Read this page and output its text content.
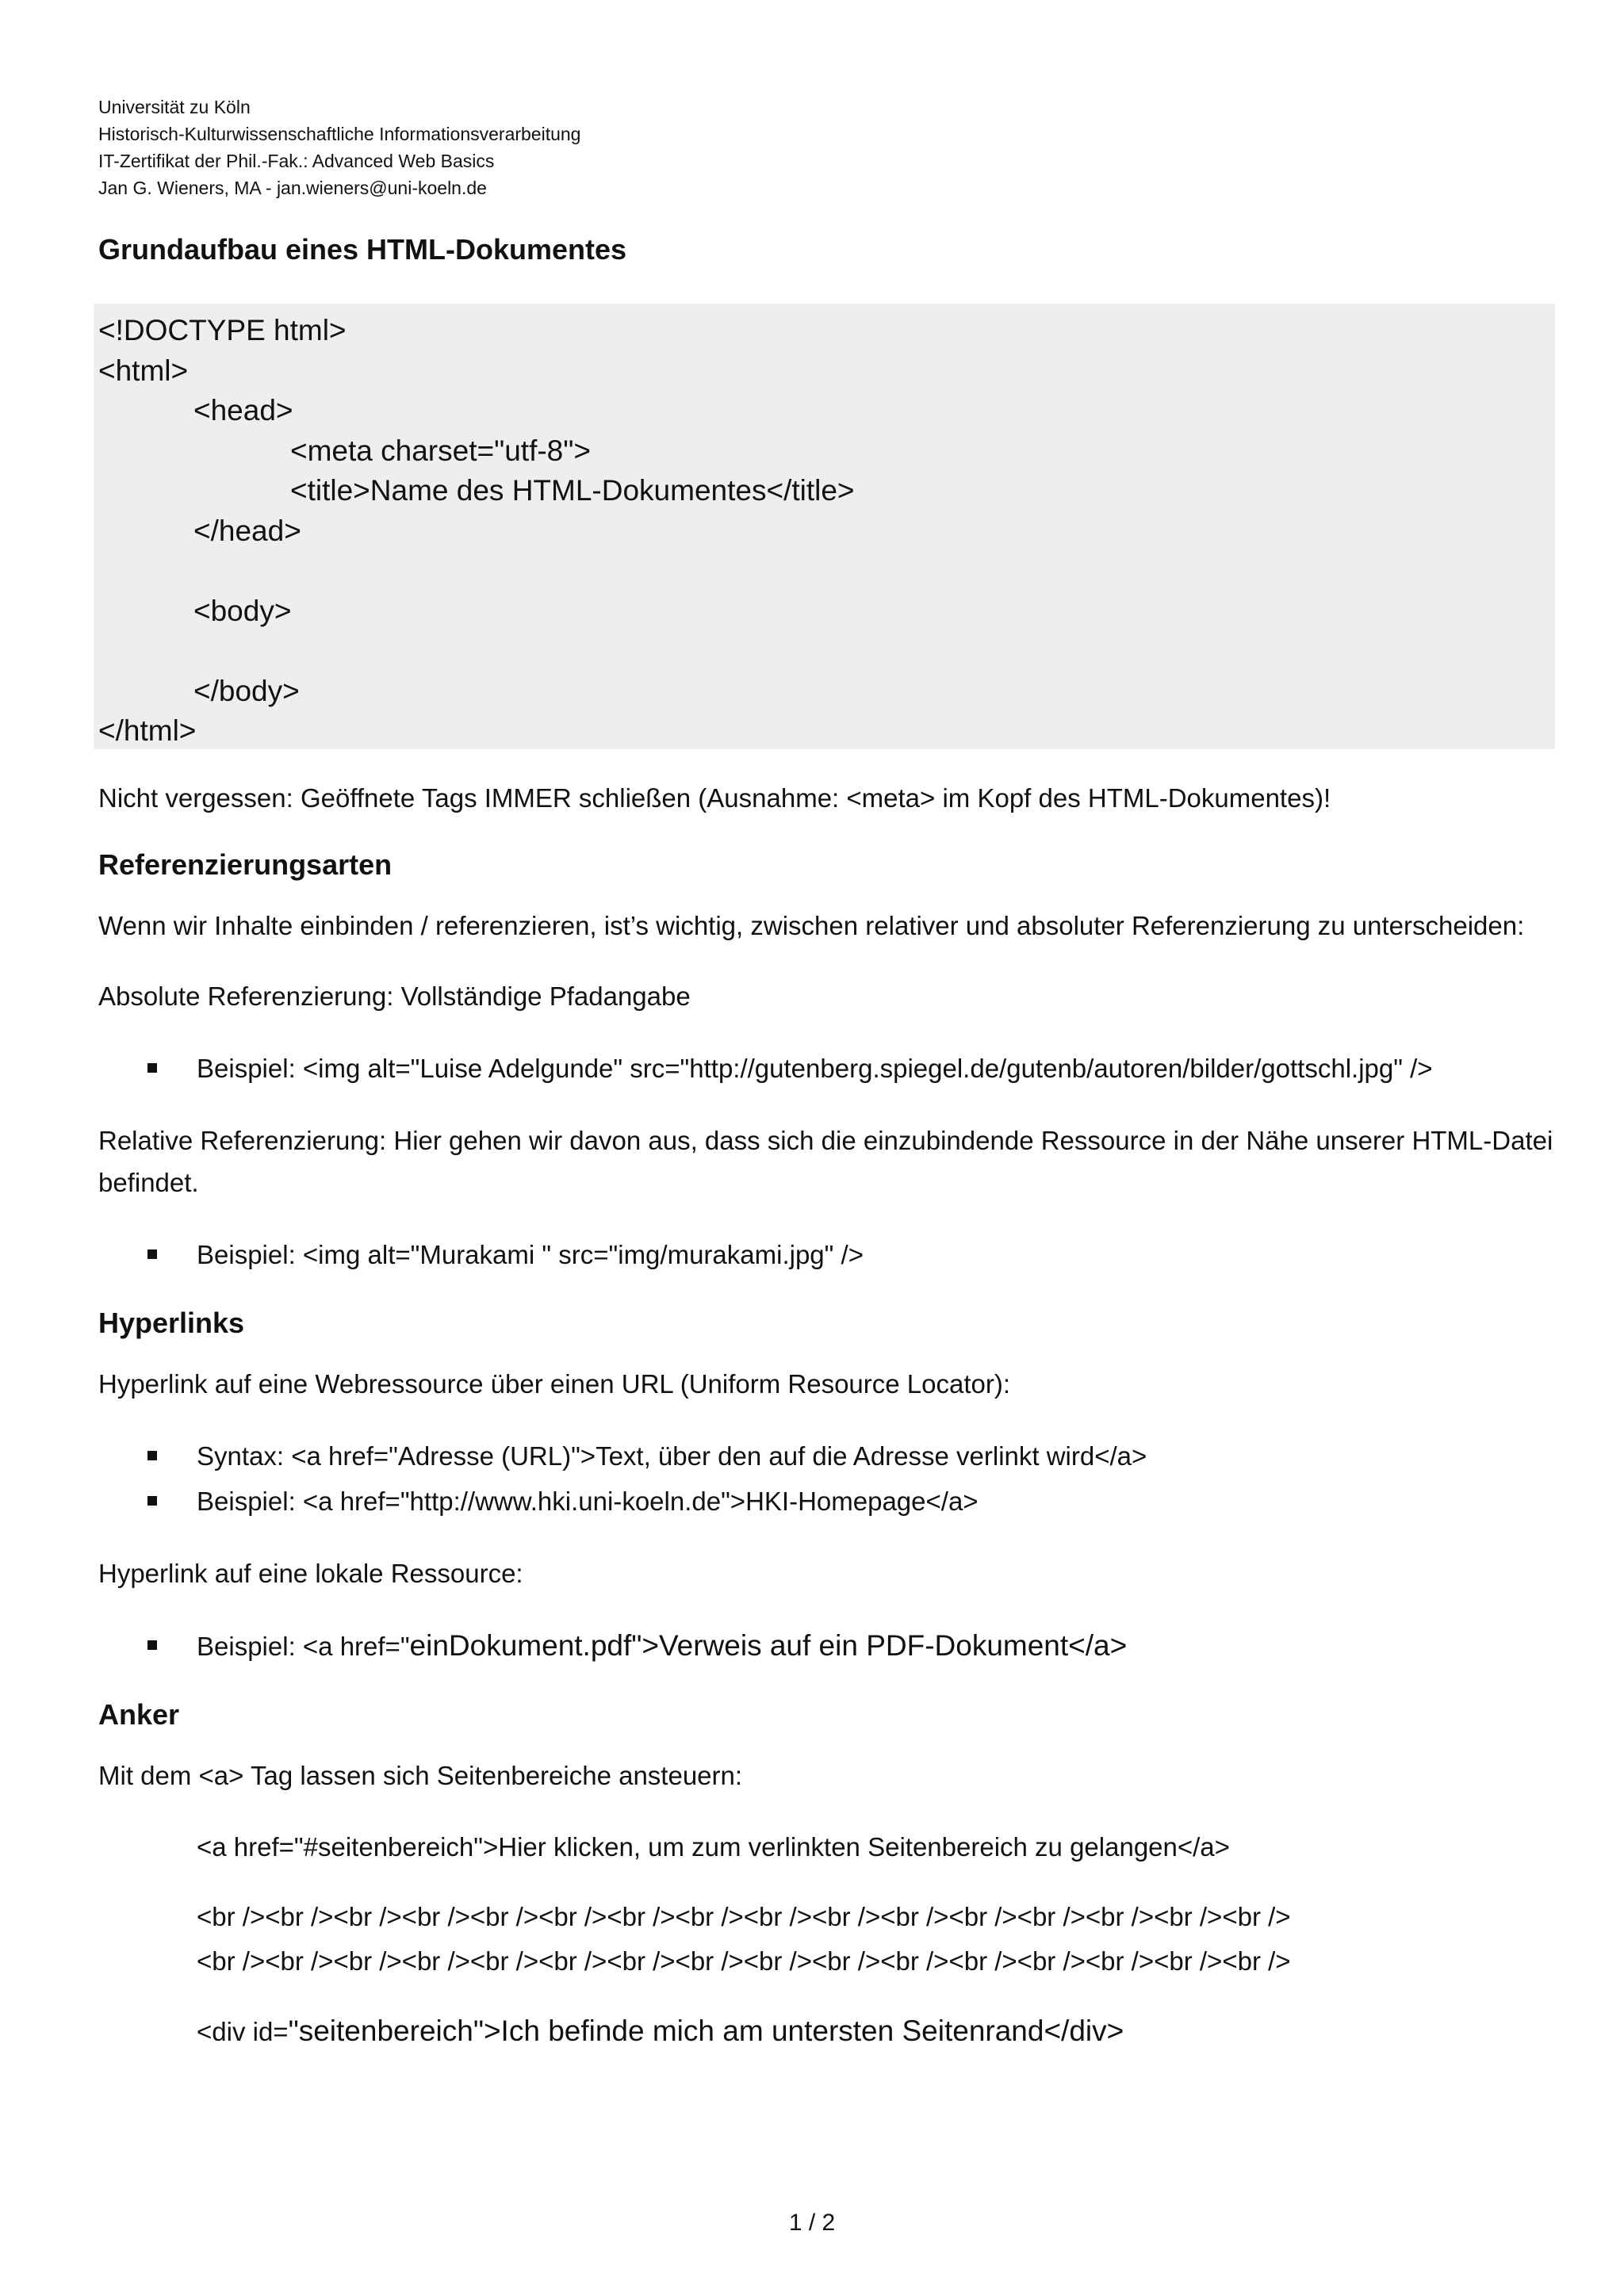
Universität zu Köln
Historisch-Kulturwissenschaftliche Informationsverarbeitung
IT-Zertifikat der Phil.-Fak.: Advanced Web Basics
Jan G. Wieners, MA - jan.wieners@uni-koeln.de
Grundaufbau eines HTML-Dokumentes
<!DOCTYPE html>
<html>
<head>
<meta charset="utf-8">
<title>Name des HTML-Dokumentes</title>
</head>
<body>
</body>
</html>

Nicht vergessen: Geöffnete Tags IMMER schließen (Ausnahme: <meta> im Kopf des HTML-Dokumentes)!

Referenzierungsarten

Wenn wir Inhalte einbinden / referenzieren, ist’s wichtig, zwischen relativer und absoluter Referenzierung zu unterscheiden:

Absolute Referenzierung: Vollständige Pfadangabe

Beispiel: <img alt="Luise Adelgunde" src="http://gutenberg.spiegel.de/gutenb/autoren/bilder/gottschl.jpg" />

Relative Referenzierung: Hier gehen wir davon aus, dass sich die einzubindende Ressource in der Nähe unserer HTML-Datei befindet.

Beispiel: <img alt="Murakami " src="img/murakami.jpg" />
Hyperlinks

Hyperlink auf eine Webressource über einen URL (Uniform Resource Locator):

Syntax: <a href="Adresse (URL)">Text, über den auf die Adresse verlinkt wird</a>
Beispiel: <a href="http://www.hki.uni-koeln.de">HKI-Homepage</a>

Hyperlink auf eine lokale Ressource:

Beispiel: <a href="einDokument.pdf">Verweis auf ein PDF-Dokument</a>
Anker

Mit dem <a> Tag lassen sich Seitenbereiche ansteuern:

<a href="#seitenbereich">Hier klicken, um zum verlinkten Seitenbereich zu gelangen</a>
<br /><br /><br /><br /><br /><br /><br /><br /><br /><br /><br /><br /><br /><br /><br /><br />
<br /><br /><br /><br /><br /><br /><br /><br /><br /><br /><br /><br /><br /><br /><br /><br />
<div id="seitenbereich">Ich befinde mich am untersten Seitenrand</div>
1 / 2
